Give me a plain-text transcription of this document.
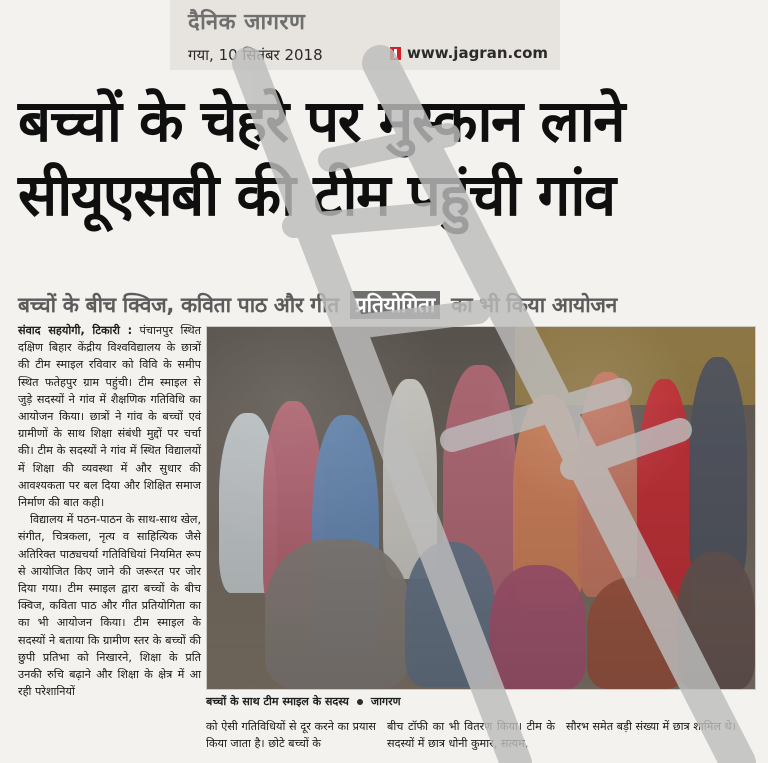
दैनिक जागरण
गया, 10 सितंबर 2018	www.jagran.com
बच्चों के चेहरे पर मुस्कान लाने
सीयूएसबी की टीम पहुंची गांव
बच्चों के बीच क्विज, कविता पाठ और गीत प्रतियोगिता का भी किया आयोजन

संवाद सहयोगी, टिकारी : पंचानपुर स्थित दक्षिण बिहार केंद्रीय विश्वविद्यालय के छात्रों की टीम स्माइल रविवार को विवि के समीप स्थित फतेहपुर ग्राम पहुंची। टीम स्माइल से जुड़े सदस्यों ने गांव में शैक्षणिक गतिविधि का आयोजन किया। छात्रों ने गांव के बच्चों एवं ग्रामीणों के साथ शिक्षा संबंधी मुद्दों पर चर्चा की। टीम के सदस्यों ने गांव में स्थित विद्यालयों में शिक्षा की व्यवस्था में और सुधार की आवश्यकता पर बल दिया और शिक्षित समाज निर्माण की बात कही।

विद्यालय में पठन-पाठन के साथ-साथ खेल, संगीत, चित्रकला, नृत्य व साहित्यिक जैसे अतिरिक्त पाठ्यचर्या गतिविधियां नियमित रूप से आयोजित किए जाने की जरूरत पर जोर दिया गया। टीम स्माइल द्वारा बच्चों के बीच क्विज, कविता पाठ और गीत प्रतियोगिता का का भी आयोजन किया। टीम स्माइल के सदस्यों ने बताया कि ग्रामीण स्तर के बच्चों की छुपी प्रतिभा को निखारने, शिक्षा के प्रति उनकी रुचि बढ़ाने और शिक्षा के क्षेत्र में आ रही परेशानियों

बच्चों के साथ टीम स्माइल के सदस्य जागरण
को ऐसी गतिविधियों से दूर करने का प्रयास किया जाता है। छोटे बच्चों के
बीच टॉफी का भी वितरण किया। टीम के सदस्यों में छात्र धोनी कुमार, सत्यम,
सौरभ समेत बड़ी संख्या में छात्र शामिल थे।
